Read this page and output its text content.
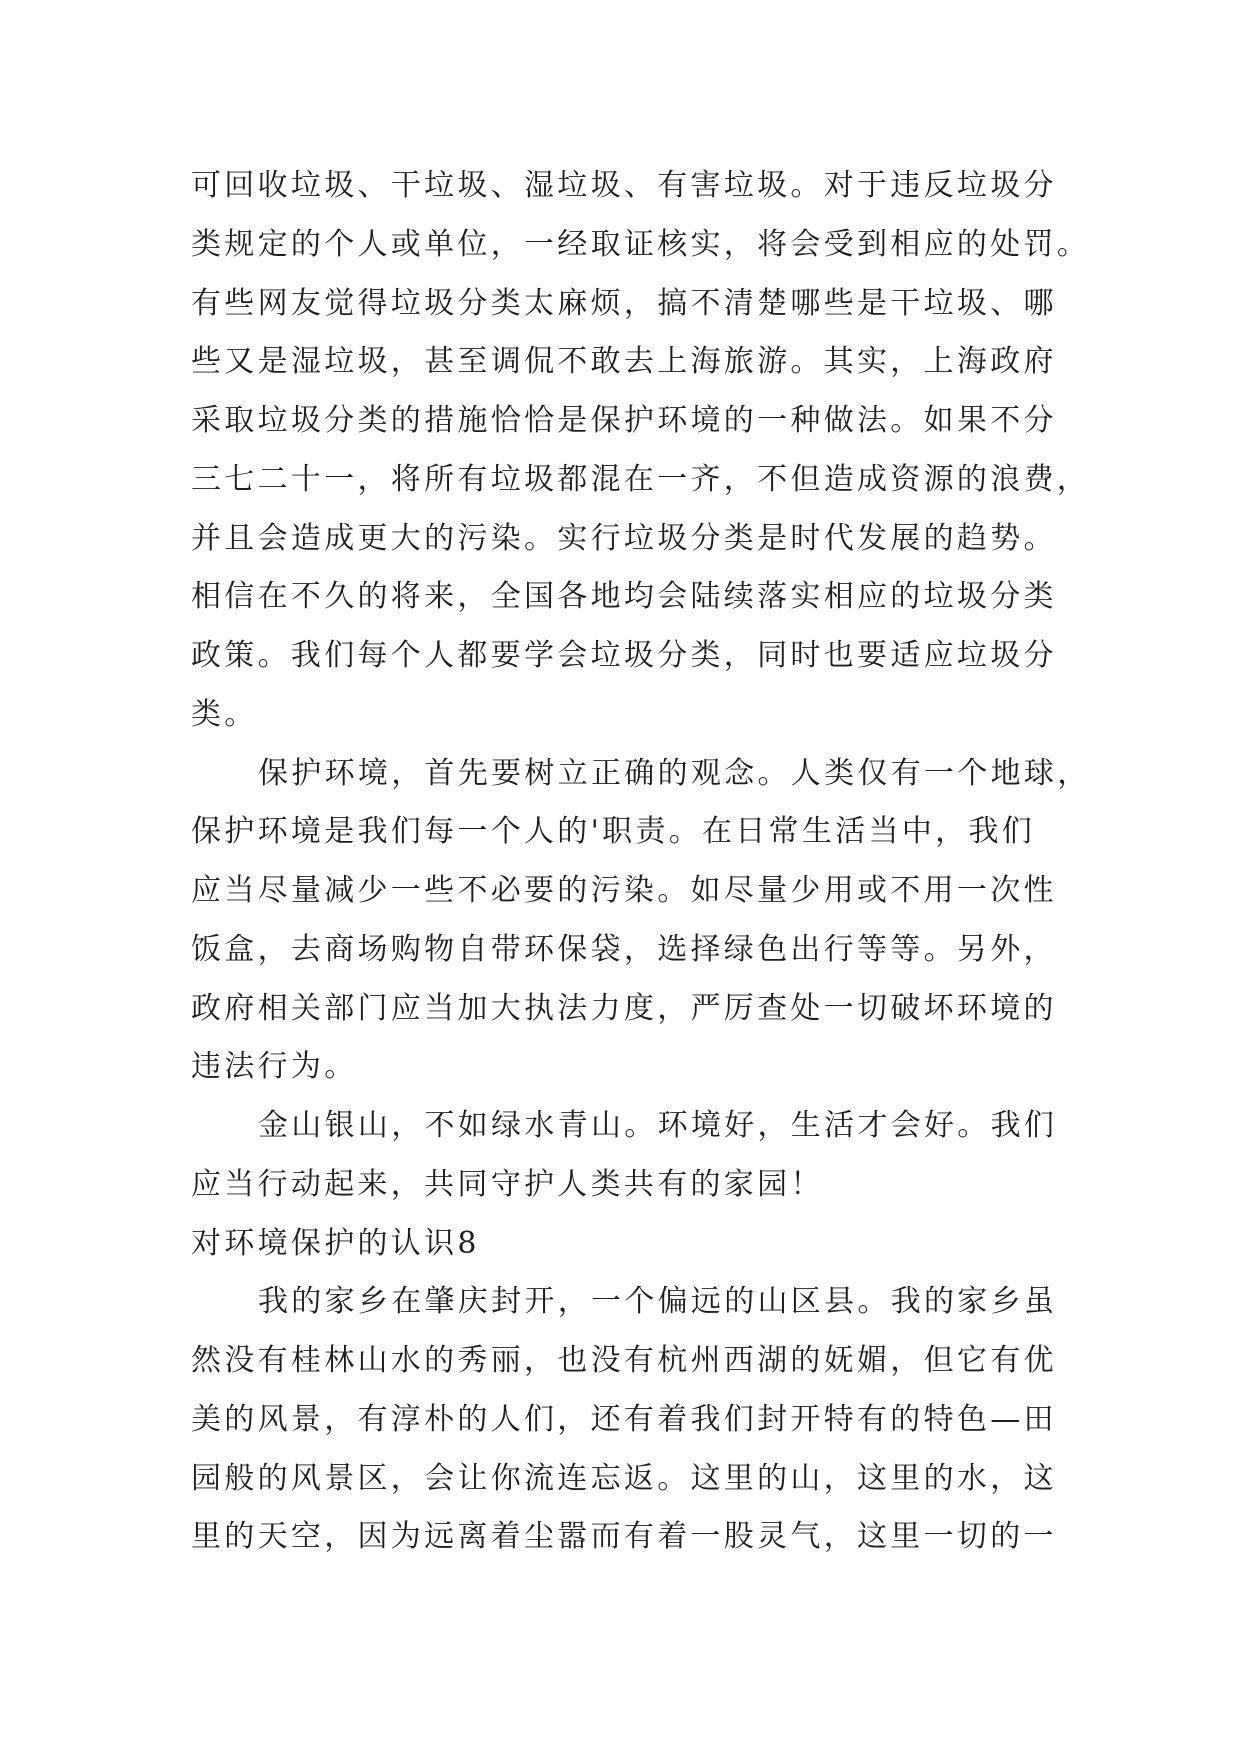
可回收垃圾、干垃圾、湿垃圾、有害垃圾。对于违反垃圾分
类规定的个人或单位，一经取证核实，将会受到相应的处罚。
有些网友觉得垃圾分类太麻烦，搞不清楚哪些是干垃圾、哪
些又是湿垃圾，甚至调侃不敢去上海旅游。其实，上海政府
采取垃圾分类的措施恰恰是保护环境的一种做法。如果不分
三七二十一，将所有垃圾都混在一齐，不但造成资源的浪费，
并且会造成更大的污染。实行垃圾分类是时代发展的趋势。
相信在不久的将来，全国各地均会陆续落实相应的垃圾分类
政策。我们每个人都要学会垃圾分类，同时也要适应垃圾分
类。
保护环境，首先要树立正确的观念。人类仅有一个地球，
保护环境是我们每一个人的'职责。在日常生活当中，我们
应当尽量减少一些不必要的污染。如尽量少用或不用一次性
饭盒，去商场购物自带环保袋，选择绿色出行等等。另外，
政府相关部门应当加大执法力度，严厉查处一切破坏环境的
违法行为。
金山银山，不如绿水青山。环境好，生活才会好。我们
应当行动起来，共同守护人类共有的家园！
对环境保护的认识8
我的家乡在肇庆封开，一个偏远的山区县。我的家乡虽
然没有桂林山水的秀丽，也没有杭州西湖的妩媚，但它有优
美的风景，有淳朴的人们，还有着我们封开特有的特色—田
园般的风景区，会让你流连忘返。这里的山，这里的水，这
里的天空，因为远离着尘嚣而有着一股灵气，这里一切的一
